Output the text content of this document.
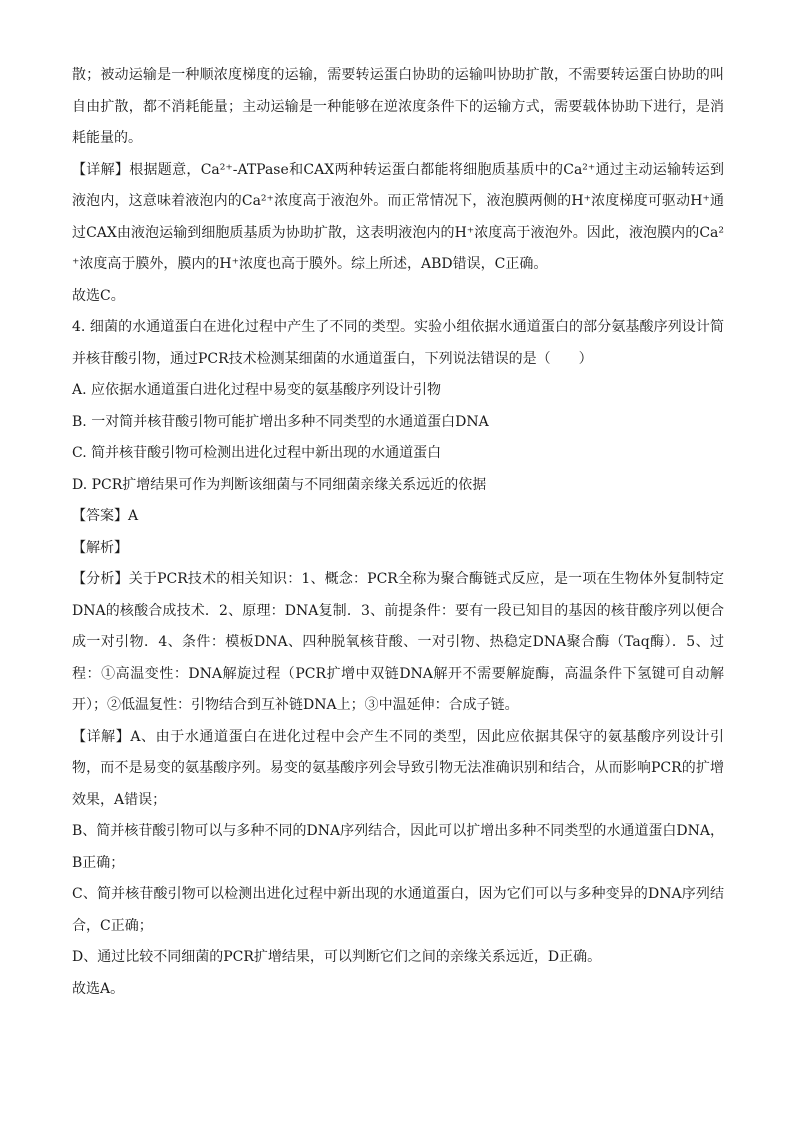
散；被动运输是一种顺浓度梯度的运输，需要转运蛋白协助的运输叫协助扩散，不需要转运蛋白协助的叫自由扩散，都不消耗能量；主动运输是一种能够在逆浓度条件下的运输方式，需要载体协助下进行，是消耗能量的。

【详解】根据题意，Ca²⁺-ATPase和CAX两种转运蛋白都能将细胞质基质中的Ca²⁺通过主动运输转运到液泡内，这意味着液泡内的Ca²⁺浓度高于液泡外。而正常情况下，液泡膜两侧的H⁺浓度梯度可驱动H⁺通过CAX由液泡运输到细胞质基质为协助扩散，这表明液泡内的H⁺浓度高于液泡外。因此，液泡膜内的Ca²⁺浓度高于膜外，膜内的H⁺浓度也高于膜外。综上所述，ABD错误，C正确。

故选C。

4. 细菌的水通道蛋白在进化过程中产生了不同的类型。实验小组依据水通道蛋白的部分氨基酸序列设计简并核苷酸引物，通过PCR技术检测某细菌的水通道蛋白，下列说法错误的是（　　）

A. 应依据水通道蛋白进化过程中易变的氨基酸序列设计引物

B. 一对简并核苷酸引物可能扩增出多种不同类型的水通道蛋白DNA

C. 简并核苷酸引物可检测出进化过程中新出现的水通道蛋白

D. PCR扩增结果可作为判断该细菌与不同细菌亲缘关系远近的依据

【答案】A

【解析】

【分析】关于PCR技术的相关知识：1、概念：PCR全称为聚合酶链式反应，是一项在生物体外复制特定DNA的核酸合成技术．2、原理：DNA复制．3、前提条件：要有一段已知目的基因的核苷酸序列以便合成一对引物．4、条件：模板DNA、四种脱氧核苷酸、一对引物、热稳定DNA聚合酶（Taq酶）．5、过程：①高温变性：DNA解旋过程（PCR扩增中双链DNA解开不需要解旋酶，高温条件下氢键可自动解开）；②低温复性：引物结合到互补链DNA上；③中温延伸：合成子链。

【详解】A、由于水通道蛋白在进化过程中会产生不同的类型，因此应依据其保守的氨基酸序列设计引物，而不是易变的氨基酸序列。易变的氨基酸序列会导致引物无法准确识别和结合，从而影响PCR的扩增效果，A错误；

B、简并核苷酸引物可以与多种不同的DNA序列结合，因此可以扩增出多种不同类型的水通道蛋白DNA，B正确；

C、简并核苷酸引物可以检测出进化过程中新出现的水通道蛋白，因为它们可以与多种变异的DNA序列结合，C正确；

D、通过比较不同细菌的PCR扩增结果，可以判断它们之间的亲缘关系远近，D正确。

故选A。
